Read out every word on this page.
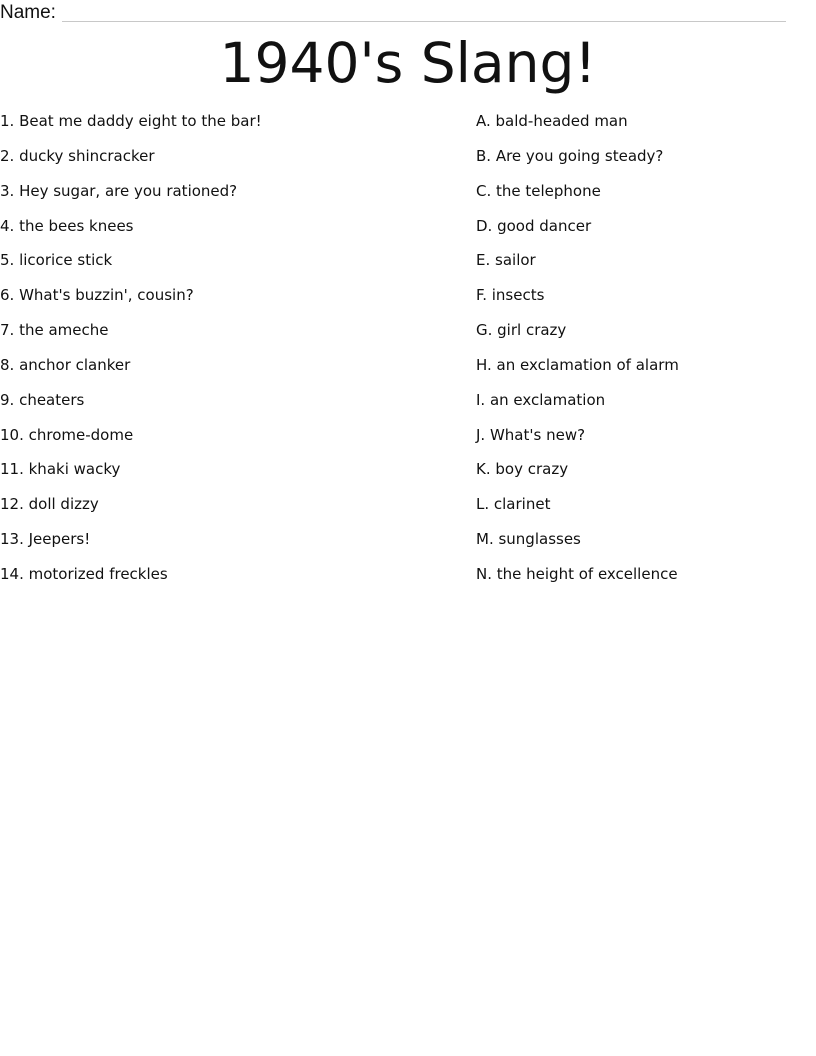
Name:
1940's Slang!
1. Beat me daddy eight to the bar!
2. ducky shincracker
3. Hey sugar, are you rationed?
4. the bees knees
5. licorice stick
6. What's buzzin', cousin?
7. the ameche
8. anchor clanker
9. cheaters
10. chrome-dome
11. khaki wacky
12. doll dizzy
13. Jeepers!
14. motorized freckles
A. bald-headed man
B. Are you going steady?
C. the telephone
D. good dancer
E. sailor
F. insects
G. girl crazy
H. an exclamation of alarm
I. an exclamation
J. What's new?
K. boy crazy
L. clarinet
M. sunglasses
N. the height of excellence
